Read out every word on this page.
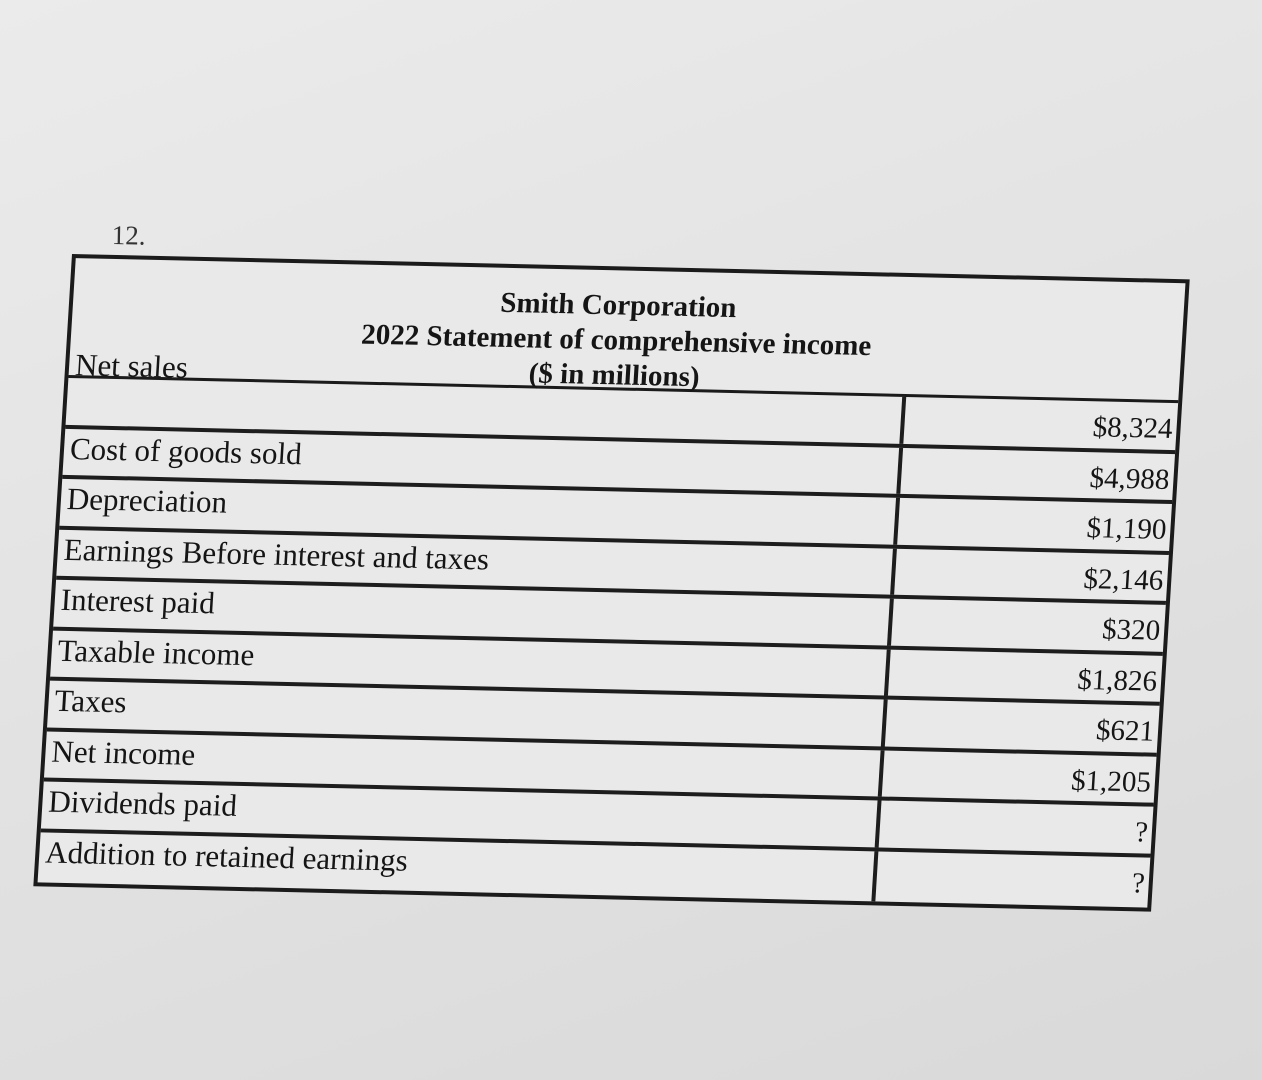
12.
Smith Corporation
2022 Statement of comprehensive income
($ in millions)
Net sales
$8,324
Cost of goods sold
$4,988
Depreciation
$1,190
Earnings Before interest and taxes
$2,146
Interest paid
$320
Taxable income
$1,826
Taxes
$621
Net income
$1,205
Dividends paid
?
Addition to retained earnings
?
